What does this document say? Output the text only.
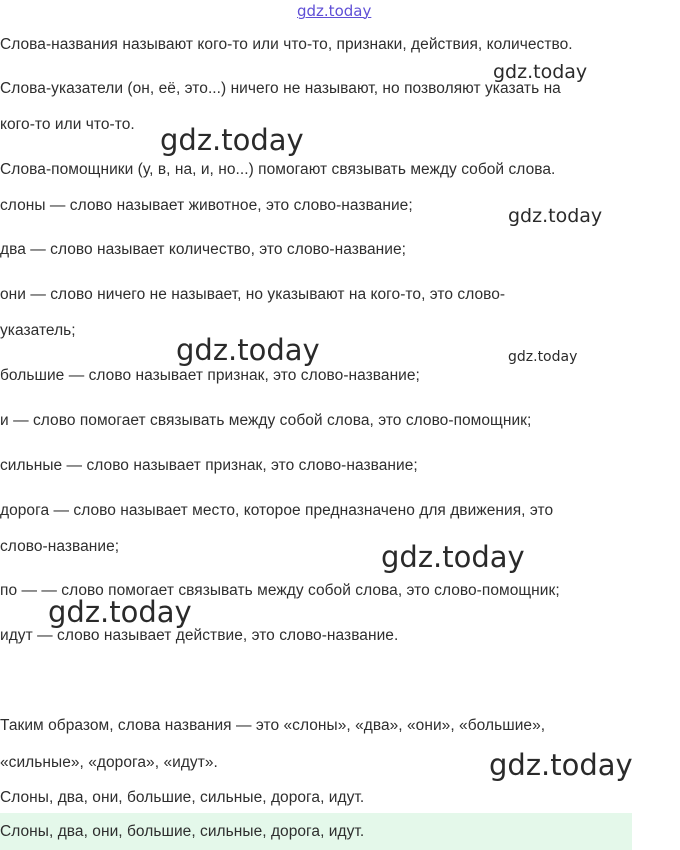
gdz.today
gdz.today
gdz.today
gdz.today
gdz.today	gdz.today
gdz.today
gdz.today
gdz.today
Слова-названия называют кого-то или что-то, признаки, действия, количество.
Слова-указатели (он, её, это...) ничего не называют, но позволяют указать на
кого-то или что-то.
Слова-помощники (у, в, на, и, но...) помогают связывать между собой слова.
слоны — слово называет животное, это слово-название;
два — слово называет количество, это слово-название;
они — слово ничего не называет, но указывают на кого-то, это слово-
указатель;
большие — слово называет признак, это слово-название;
и — слово помогает связывать между собой слова, это слово-помощник;
сильные — слово называет признак, это слово-название;
дорога — слово называет место, которое предназначено для движения, это
слово-название;
по — — слово помогает связывать между собой слова, это слово-помощник;
идут — слово называет действие, это слово-название.
Таким образом, слова названия — это «слоны», «два», «они», «большие»,
«сильные», «дорога», «идут».
Слоны, два, они, большие, сильные, дорога, идут.
Слоны, два, они, большие, сильные, дорога, идут.
